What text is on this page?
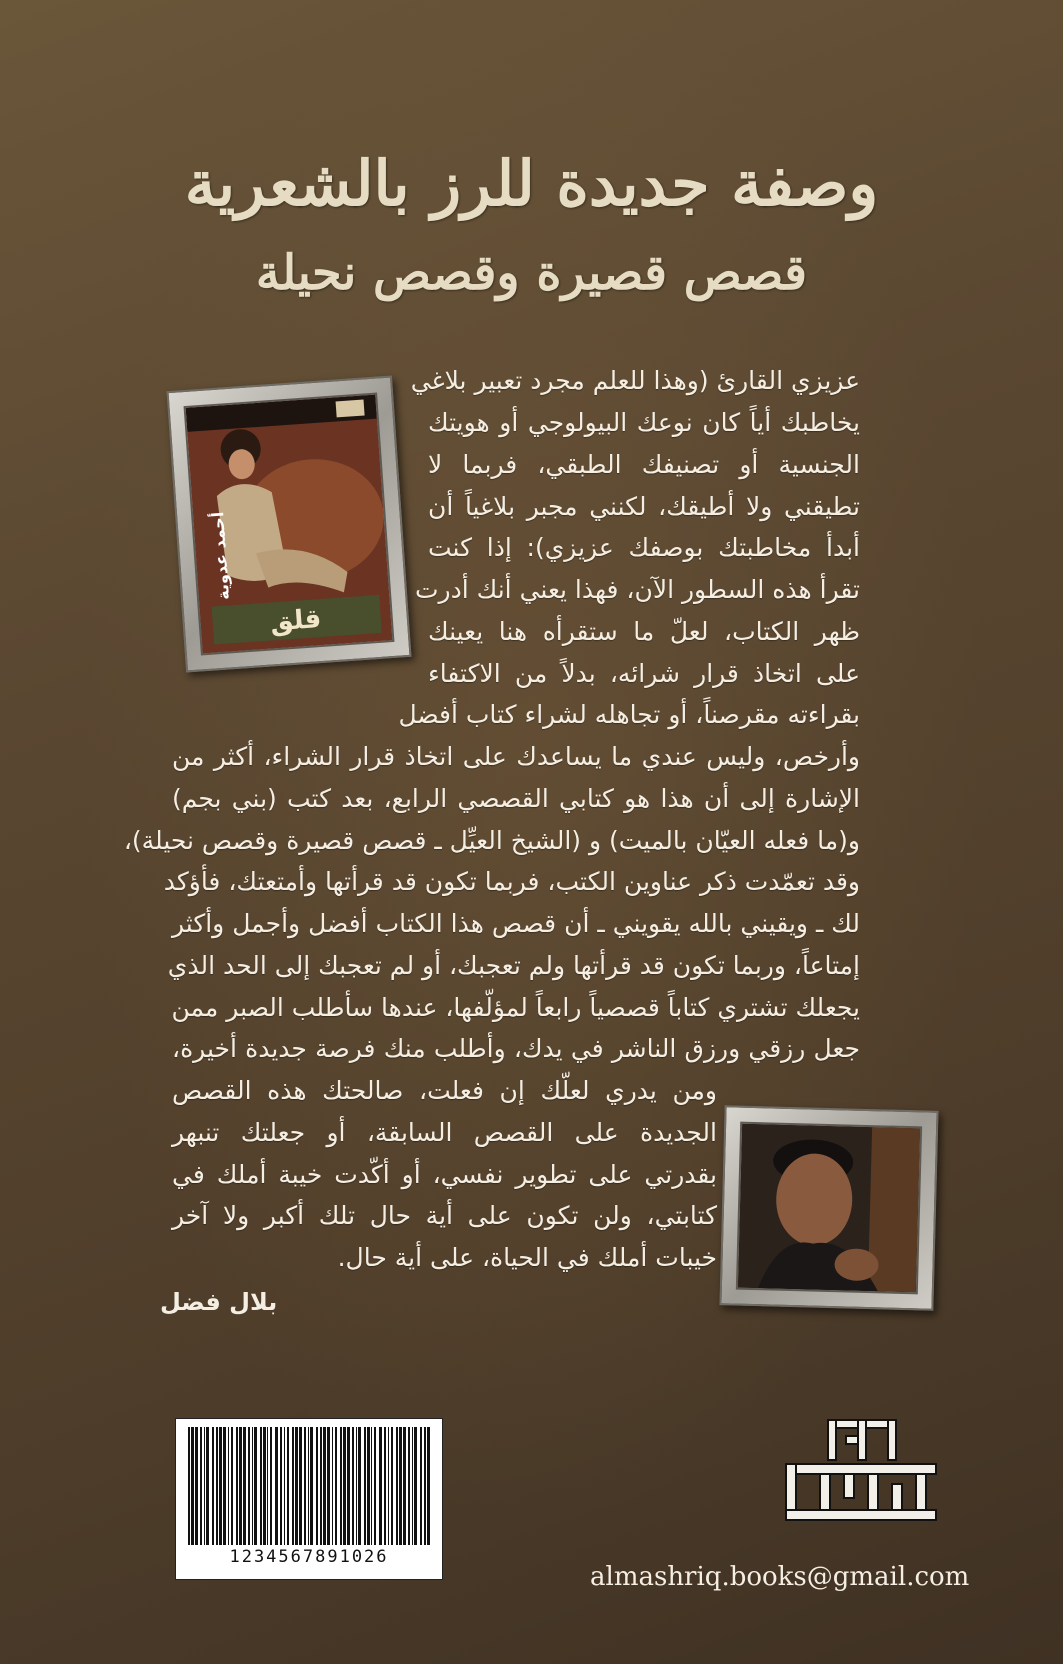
وصفة جديدة للرز بالشعرية
قصص قصيرة وقصص نحيلة
قلق
أحمد عدوية
عزيزي القارئ (وهذا للعلم مجرد تعبير بلاغي
يخاطبك أياً كان نوعك البيولوجي أو هويتك
الجنسية أو تصنيفك الطبقي، فربما لا
تطيقني ولا أطيقك، لكنني مجبر بلاغياً أن
أبدأ مخاطبتك بوصفك عزيزي): إذا كنت
تقرأ هذه السطور الآن، فهذا يعني أنك أدرت
ظهر الكتاب، لعلّ ما ستقرأه هنا يعينك
على اتخاذ قرار شرائه، بدلاً من الاكتفاء
بقراءته مقرصناً، أو تجاهله لشراء كتاب أفضل
وأرخص، وليس عندي ما يساعدك على اتخاذ قرار الشراء، أكثر من
الإشارة إلى أن هذا هو كتابي القصصي الرابع، بعد كتب (بني بجم)
و(ما فعله العيّان بالميت) و (الشيخ العيِّل ـ قصص قصيرة وقصص نحيلة)،
وقد تعمّدت ذكر عناوين الكتب، فربما تكون قد قرأتها وأمتعتك، فأؤكد
لك ـ ويقيني بالله يقويني ـ أن قصص هذا الكتاب أفضل وأجمل وأكثر
إمتاعاً، وربما تكون قد قرأتها ولم تعجبك، أو لم تعجبك إلى الحد الذي
يجعلك تشتري كتاباً قصصياً رابعاً لمؤلّفها، عندها سأطلب الصبر ممن
جعل رزقي ورزق الناشر في يدك، وأطلب منك فرصة جديدة أخيرة،
ومن يدري لعلّك إن فعلت، صالحتك هذه القصص
الجديدة على القصص السابقة، أو جعلتك تنبهر
بقدرتي على تطوير نفسي، أو أكّدت خيبة أملك في
كتابتي، ولن تكون على أية حال تلك أكبر ولا آخر
خيبات أملك في الحياة، على أية حال.
بلال فضل
1234567891026
almashriq.books@gmail.com
